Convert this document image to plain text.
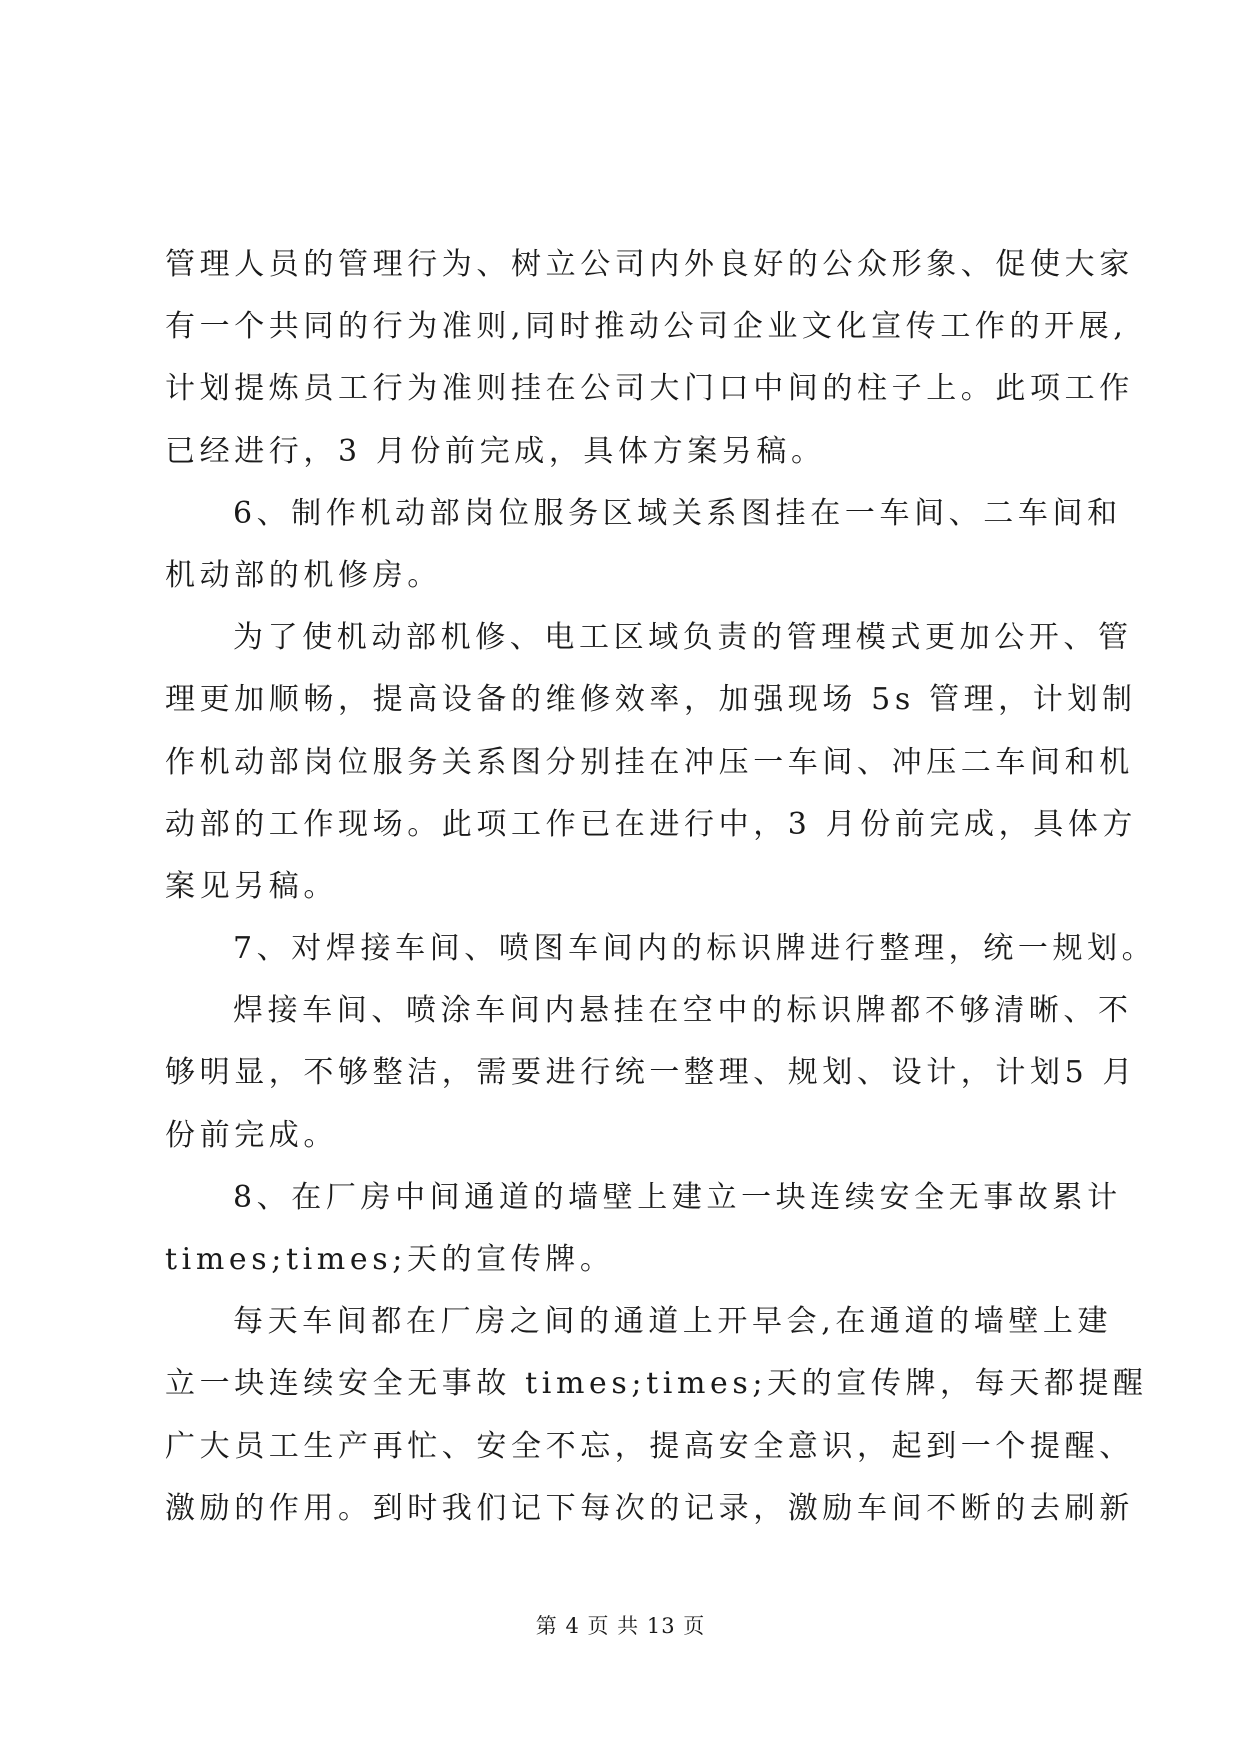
管理人员的管理行为、树立公司内外良好的公众形象、促使大家
有一个共同的行为准则,同时推动公司企业文化宣传工作的开展,
计划提炼员工行为准则挂在公司大门口中间的柱子上。此项工作
已经进行，3 月份前完成，具体方案另稿。
6、制作机动部岗位服务区域关系图挂在一车间、二车间和
机动部的机修房。
为了使机动部机修、电工区域负责的管理模式更加公开、管
理更加顺畅，提高设备的维修效率，加强现场 5s 管理，计划制
作机动部岗位服务关系图分别挂在冲压一车间、冲压二车间和机
动部的工作现场。此项工作已在进行中，3 月份前完成，具体方
案见另稿。
7、对焊接车间、喷图车间内的标识牌进行整理，统一规划。
焊接车间、喷涂车间内悬挂在空中的标识牌都不够清晰、不
够明显，不够整洁，需要进行统一整理、规划、设计，计划5 月
份前完成。
8、在厂房中间通道的墙壁上建立一块连续安全无事故累计
times;times;天的宣传牌。
每天车间都在厂房之间的通道上开早会,在通道的墙壁上建
立一块连续安全无事故 times;times;天的宣传牌，每天都提醒
广大员工生产再忙、安全不忘，提高安全意识，起到一个提醒、
激励的作用。到时我们记下每次的记录，激励车间不断的去刷新
第 4 页 共 13 页
